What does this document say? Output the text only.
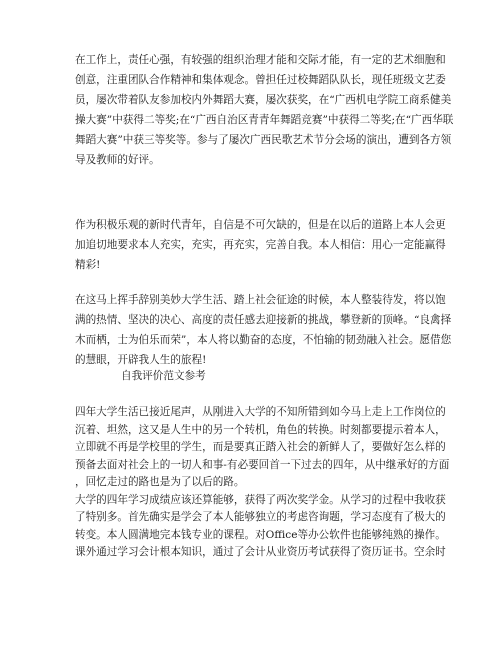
在工作上，责任心强，有较强的组织治理才能和交际才能，有一定的艺术细胞和
创意，注重团队合作精神和集体观念。曾担任过校舞蹈队队长，现任班级文艺委
员，屡次带着队友参加校内外舞蹈大赛，屡次获奖，在“广西机电学院工商系健美
操大赛”中获得二等奖;在“广西自治区青青年舞蹈竞赛”中获得二等奖;在“广西华联
舞蹈大赛”中获三等奖等。参与了屡次广西民歌艺术节分会场的演出，遭到各方领
导及教师的好评。
作为积极乐观的新时代青年，自信是不可欠缺的，但是在以后的道路上本人会更
加追切地要求本人充实，充实，再充实，完善自我。本人相信：用心一定能赢得
精彩!
在这马上挥手辞别美妙大学生活、踏上社会征途的时候，本人整装待发，将以饱
满的热情、坚决的决心、高度的责任感去迎接新的挑战，攀登新的顶峰。“良禽择
木而栖，士为伯乐而荣”，本人将以勤奋的态度，不怕输的韧劲融入社会。愿借您
的慧眼，开辟我人生的旅程!

自我评价范文参考

四年大学生活已接近尾声，从刚进入大学的不知所错到如今马上走上工作岗位的
沉着、坦然，这又是人生中的另一个转机，角色的转换。时刻都要提示着本人，
立即就不再是学校里的学生，而是要真正踏入社会的新鲜人了，要做好怎么样的
预备去面对社会上的一切人和事-有必要回首一下过去的四年，从中继承好的方面
，回忆走过的路也是为了以后的路。
大学的四年学习成绩应该还算能够，获得了两次奖学金。从学习的过程中我收获
了特别多。首先确实是学会了本人能够独立的考虑咨询题，学习态度有了极大的
转变。本人圆满地完本钱专业的课程。对Office等办公软件也能够纯熟的操作。
课外通过学习会计根本知识，通过了会计从业资历考试获得了资历证书。空余时
